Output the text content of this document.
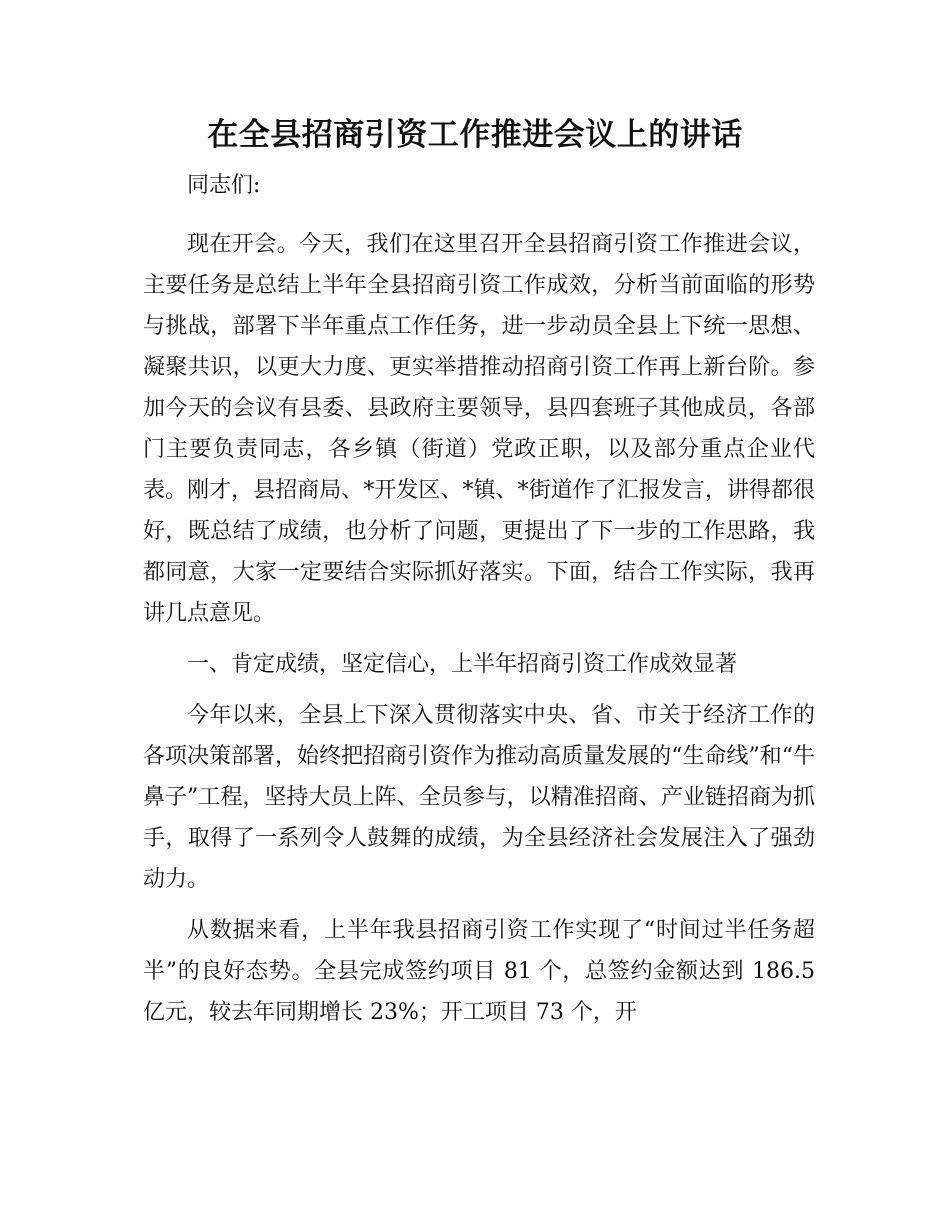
在全县招商引资工作推进会议上的讲话

同志们:

现在开会。今天，我们在这里召开全县招商引资工作推进会议，主要任务是总结上半年全县招商引资工作成效，分析当前面临的形势与挑战，部署下半年重点工作任务，进一步动员全县上下统一思想、凝聚共识，以更大力度、更实举措推动招商引资工作再上新台阶。参加今天的会议有县委、县政府主要领导，县四套班子其他成员，各部门主要负责同志，各乡镇（街道）党政正职，以及部分重点企业代表。刚才，县招商局、*开发区、*镇、*街道作了汇报发言，讲得都很好，既总结了成绩，也分析了问题，更提出了下一步的工作思路，我都同意，大家一定要结合实际抓好落实。下面，结合工作实际，我再讲几点意见。

一、肯定成绩，坚定信心，上半年招商引资工作成效显著

今年以来，全县上下深入贯彻落实中央、省、市关于经济工作的各项决策部署，始终把招商引资作为推动高质量发展的“生命线”和“牛鼻子”工程，坚持大员上阵、全员参与，以精准招商、产业链招商为抓手，取得了一系列令人鼓舞的成绩，为全县经济社会发展注入了强劲动力。

从数据来看，上半年我县招商引资工作实现了“时间过半任务超半”的良好态势。全县完成签约项目 81 个，总签约金额达到 186.5 亿元，较去年同期增长 23%；开工项目 73 个，开
